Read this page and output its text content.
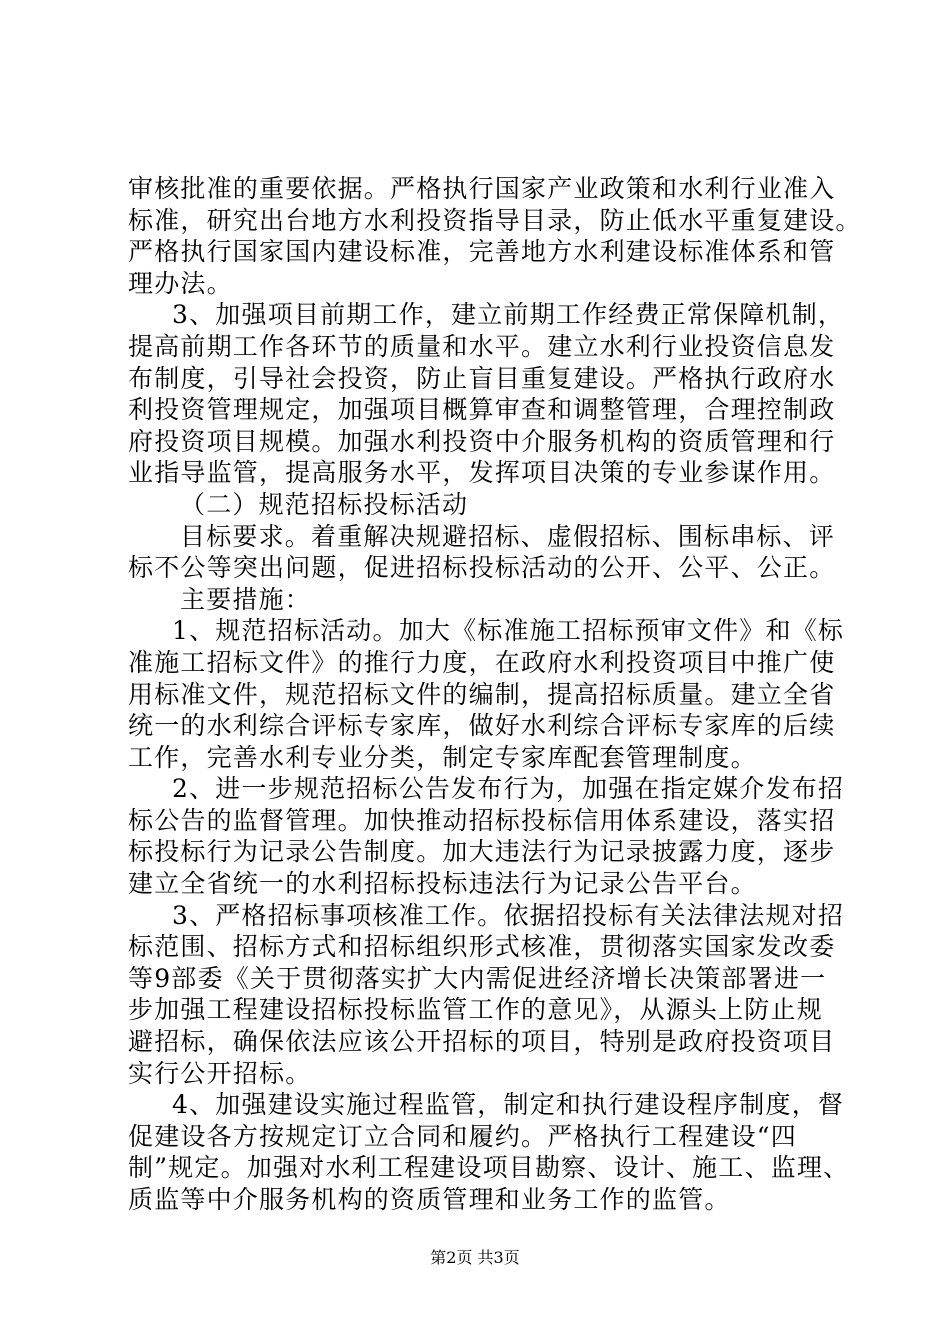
审核批准的重要依据。严格执行国家产业政策和水利行业准入
标准，研究出台地方水利投资指导目录，防止低水平重复建设。
严格执行国家国内建设标准，完善地方水利建设标准体系和管
理办法。
3、加强项目前期工作，建立前期工作经费正常保障机制，
提高前期工作各环节的质量和水平。建立水利行业投资信息发
布制度，引导社会投资，防止盲目重复建设。严格执行政府水
利投资管理规定，加强项目概算审查和调整管理，合理控制政
府投资项目规模。加强水利投资中介服务机构的资质管理和行
业指导监管，提高服务水平，发挥项目决策的专业参谋作用。
（二）规范招标投标活动
目标要求。着重解决规避招标、虚假招标、围标串标、评
标不公等突出问题，促进招标投标活动的公开、公平、公正。
主要措施：
1、规范招标活动。加大《标准施工招标预审文件》和《标
准施工招标文件》的推行力度，在政府水利投资项目中推广使
用标准文件，规范招标文件的编制，提高招标质量。建立全省
统一的水利综合评标专家库，做好水利综合评标专家库的后续
工作，完善水利专业分类，制定专家库配套管理制度。
2、进一步规范招标公告发布行为，加强在指定媒介发布招
标公告的监督管理。加快推动招标投标信用体系建设，落实招
标投标行为记录公告制度。加大违法行为记录披露力度，逐步
建立全省统一的水利招标投标违法行为记录公告平台。
3、严格招标事项核准工作。依据招投标有关法律法规对招
标范围、招标方式和招标组织形式核准，贯彻落实国家发改委
等9部委《关于贯彻落实扩大内需促进经济增长决策部署进一
步加强工程建设招标投标监管工作的意见》，从源头上防止规
避招标，确保依法应该公开招标的项目，特别是政府投资项目
实行公开招标。
4、加强建设实施过程监管，制定和执行建设程序制度，督
促建设各方按规定订立合同和履约。严格执行工程建设“四
制”规定。加强对水利工程建设项目勘察、设计、施工、监理、
质监等中介服务机构的资质管理和业务工作的监管。
第2页 共3页
